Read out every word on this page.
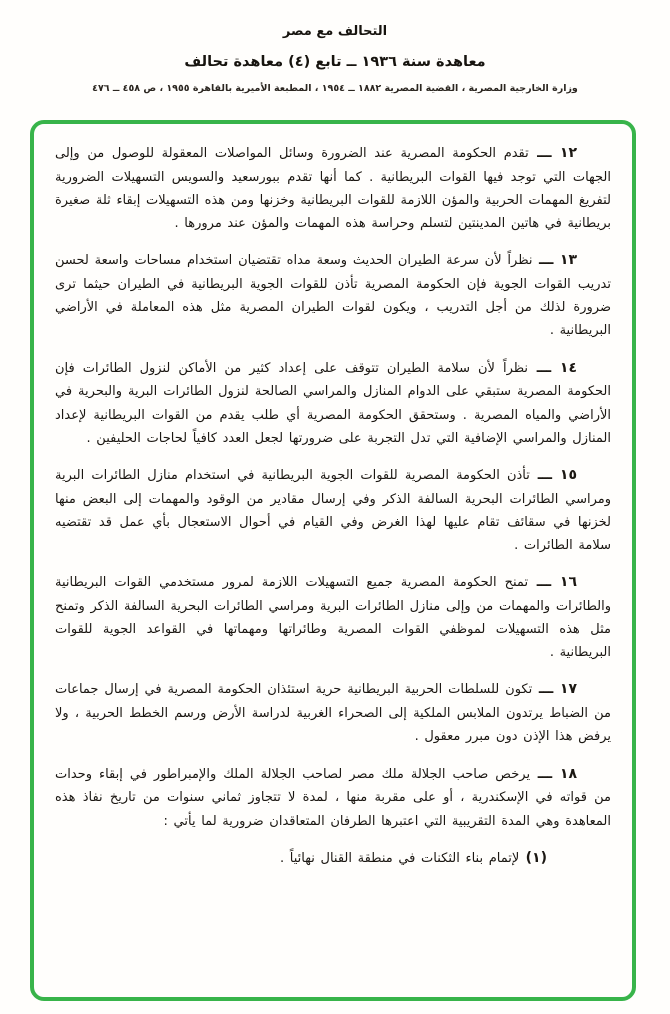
التحالف مع مصر
معاهدة سنة ١٩٣٦ ــ تابع (٤) معاهدة تحالف
وزارة الخارجية المصرية ، القضية المصرية ١٨٨٢ ــ ١٩٥٤ ، المطبعة الأميرية بالقاهرة ١٩٥٥ ، ص ٤٥٨ ــ ٤٧٦

١٢ ـــ تقدم الحكومة المصرية عند الضرورة وسائل المواصلات المعقولة للوصول من وإلى الجهات التي توجد فيها القوات البريطانية . كما أنها تقدم ببورسعيد والسويس التسهيلات الضرورية لتفريغ المهمات الحربية والمؤن اللازمة للقوات البريطانية وخزنها ومن هذه التسهيلات إبقاء ثلة صغيرة بريطانية في هاتين المدينتين لتسلم وحراسة هذه المهمات والمؤن عند مرورها .

١٣ ـــ نظراً لأن سرعة الطيران الحديث وسعة مداه تقتضيان استخدام مساحات واسعة لحسن تدريب القوات الجوية فإن الحكومة المصرية تأذن للقوات الجوية البريطانية في الطيران حيثما ترى ضرورة لذلك من أجل التدريب ، ويكون لقوات الطيران المصرية مثل هذه المعاملة في الأراضي البريطانية .

١٤ ـــ نظراً لأن سلامة الطيران تتوقف على إعداد كثير من الأماكن لنزول الطائرات فإن الحكومة المصرية ستبقي على الدوام المنازل والمراسي الصالحة لنزول الطائرات البرية والبحرية في الأراضي والمياه المصرية . وستحقق الحكومة المصرية أي طلب يقدم من القوات البريطانية لإعداد المنازل والمراسي الإضافية التي تدل التجربة على ضرورتها لجعل العدد كافياً لحاجات الحليفين .

١٥ ـــ تأذن الحكومة المصرية للقوات الجوية البريطانية في استخدام منازل الطائرات البرية ومراسي الطائرات البحرية السالفة الذكر وفي إرسال مقادير من الوقود والمهمات إلى البعض منها لخزنها في سقائف تقام عليها لهذا الغرض وفي القيام في أحوال الاستعجال بأي عمل قد تقتضيه سلامة الطائرات .

١٦ ـــ تمنح الحكومة المصرية جميع التسهيلات اللازمة لمرور مستخدمي القوات البريطانية والطائرات والمهمات من وإلى منازل الطائرات البرية ومراسي الطائرات البحرية السالفة الذكر وتمنح مثل هذه التسهيلات لموظفي القوات المصرية وطائراتها ومهماتها في القواعد الجوية للقوات البريطانية .

١٧ ـــ تكون للسلطات الحربية البريطانية حرية استئذان الحكومة المصرية في إرسال جماعات من الضباط يرتدون الملابس الملكية إلى الصحراء الغربية لدراسة الأرض ورسم الخطط الحربية ، ولا يرفض هذا الإذن دون مبرر معقول .

١٨ ـــ يرخص صاحب الجلالة ملك مصر لصاحب الجلالة الملك والإمبراطور في إبقاء وحدات من قواته في الإسكندرية ، أو على مقربة منها ، لمدة لا تتجاوز ثماني سنوات من تاريخ نفاذ هذه المعاهدة وهي المدة التقريبية التي اعتبرها الطرفان المتعاقدان ضرورية لما يأتي :

(١) لإتمام بناء الثكنات في منطقة القنال نهائياً .
